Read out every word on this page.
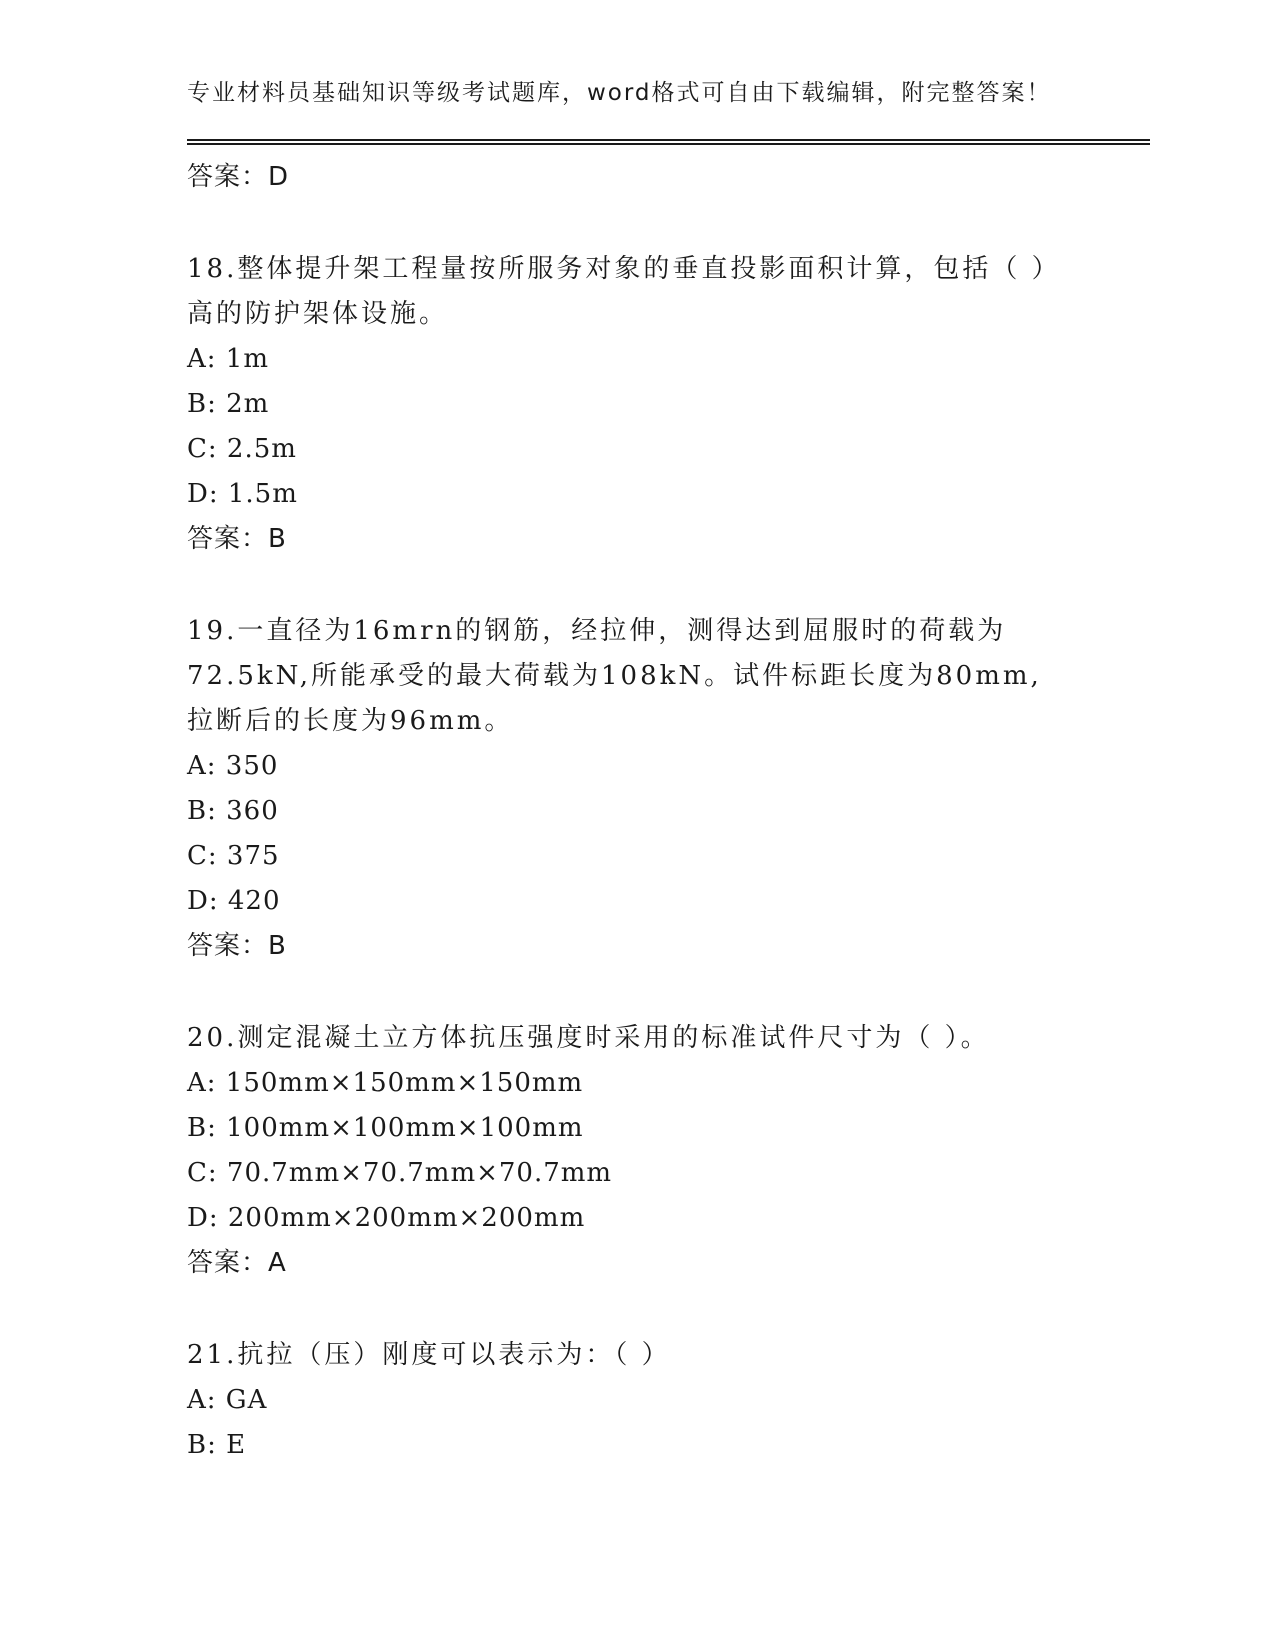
专业材料员基础知识等级考试题库，word格式可自由下载编辑，附完整答案！
答案：D
18.整体提升架工程量按所服务对象的垂直投影面积计算，包括（ ）高的防护架体设施。
A: 1m
B: 2m
C: 2.5m
D: 1.5m
答案：B
19.一直径为16mrn的钢筋，经拉伸，测得达到屈服时的荷载为72.5kN,所能承受的最大荷载为108kN。试件标距长度为80mm,拉断后的长度为96mm。
A: 350
B: 360
C: 375
D: 420
答案：B
20.测定混凝土立方体抗压强度时采用的标准试件尺寸为（ ）。
A: 150mm×150mm×150mm
B: 100mm×100mm×100mm
C: 70.7mm×70.7mm×70.7mm
D: 200mm×200mm×200mm
答案：A
21.抗拉（压）刚度可以表示为：（ ）
A: GA
B: E
